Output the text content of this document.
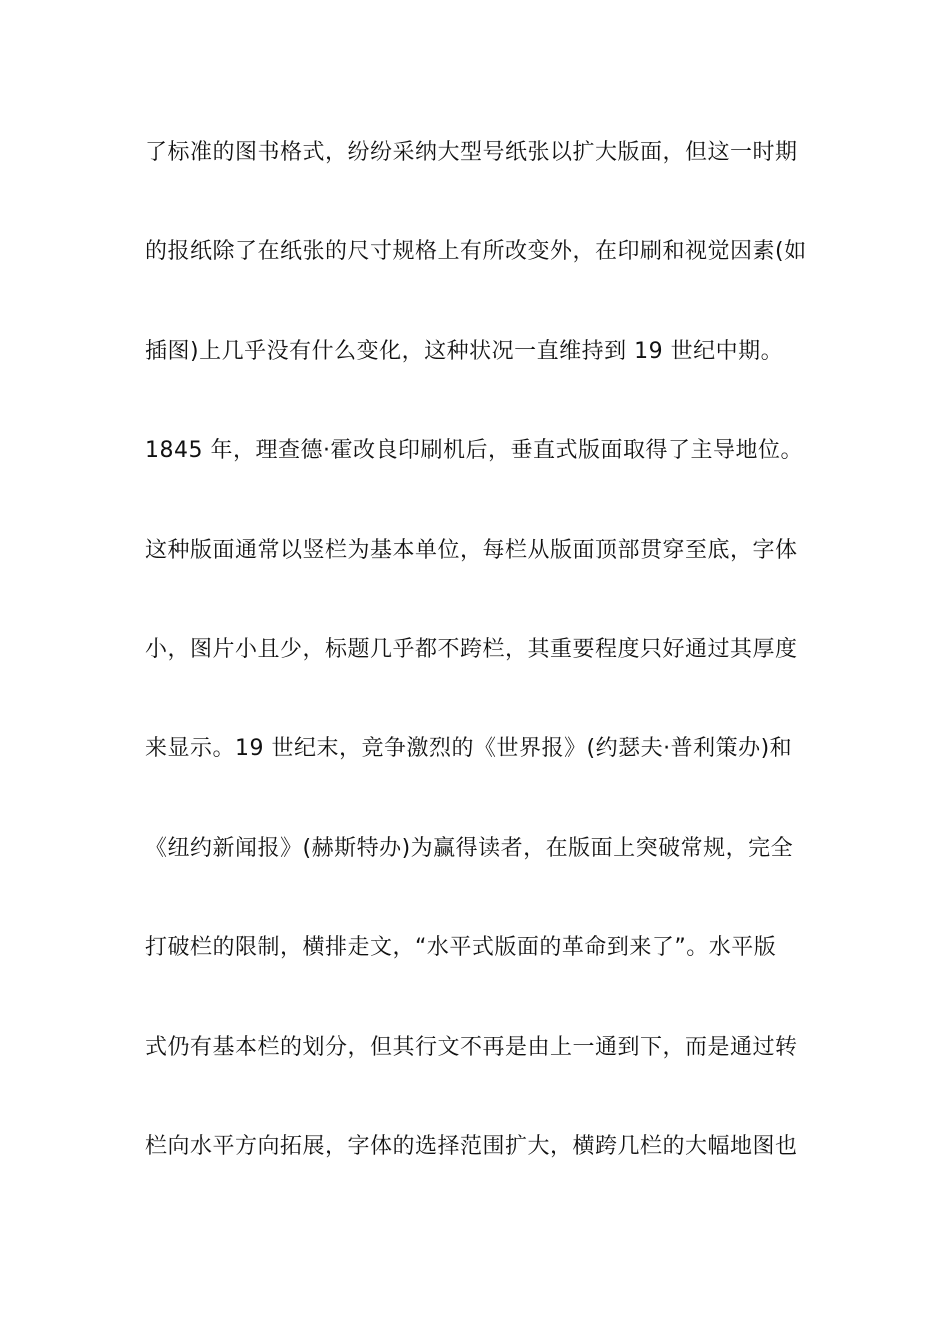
了标准的图书格式，纷纷采纳大型号纸张以扩大版面，但这一时期
的报纸除了在纸张的尺寸规格上有所改变外，在印刷和视觉因素(如
插图)上几乎没有什么变化，这种状况一直维持到 19 世纪中期。
1845 年，理查德·霍改良印刷机后，垂直式版面取得了主导地位。
这种版面通常以竖栏为基本单位，每栏从版面顶部贯穿至底，字体
小，图片小且少，标题几乎都不跨栏，其重要程度只好通过其厚度
来显示。19 世纪末，竞争激烈的《世界报》(约瑟夫·普利策办)和
《纽约新闻报》(赫斯特办)为赢得读者，在版面上突破常规，完全
打破栏的限制，横排走文，“水平式版面的革命到来了”。水平版
式仍有基本栏的划分，但其行文不再是由上一通到下，而是通过转
栏向水平方向拓展，字体的选择范围扩大，横跨几栏的大幅地图也
